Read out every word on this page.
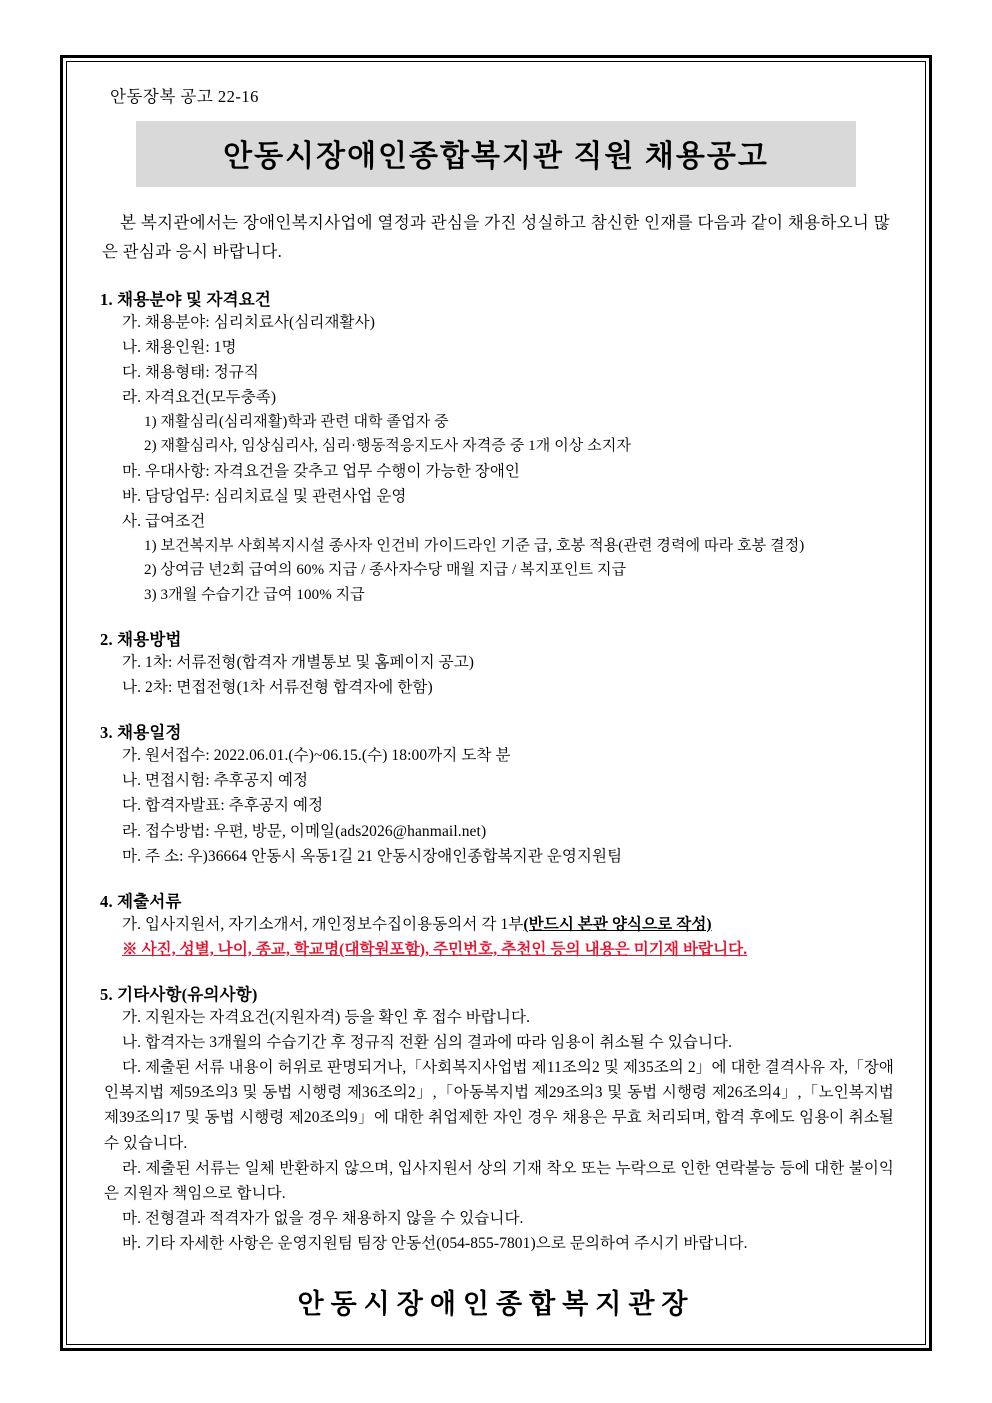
안동장복 공고 22-16
안동시장애인종합복지관 직원 채용공고

본 복지관에서는 장애인복지사업에 열정과 관심을 가진 성실하고 참신한 인재를 다음과 같이 채용하오니 많은 관심과 응시 바랍니다.

1. 채용분야 및 자격요건
가. 채용분야: 심리치료사(심리재활사)
나. 채용인원: 1명
다. 채용형태: 정규직
라. 자격요건(모두충족)
1) 재활심리(심리재활)학과 관련 대학 졸업자 중
2) 재활심리사, 임상심리사, 심리·행동적응지도사 자격증 중 1개 이상 소지자
마. 우대사항: 자격요건을 갖추고 업무 수행이 가능한 장애인
바. 담당업무: 심리치료실 및 관련사업 운영
사. 급여조건
1) 보건복지부 사회복지시설 종사자 인건비 가이드라인 기준 급, 호봉 적용(관련 경력에 따라 호봉 결정)
2) 상여금 년2회 급여의 60% 지급 / 종사자수당 매월 지급 / 복지포인트 지급
3) 3개월 수습기간 급여 100% 지급
2. 채용방법
가. 1차: 서류전형(합격자 개별통보 및 홈페이지 공고)
나. 2차: 면접전형(1차 서류전형 합격자에 한함)
3. 채용일정
가. 원서접수: 2022.06.01.(수)~06.15.(수) 18:00까지 도착 분
나. 면접시험: 추후공지 예정
다. 합격자발표: 추후공지 예정
라. 접수방법: 우편, 방문, 이메일(ads2026@hanmail.net)
마. 주 소: 우)36664 안동시 옥동1길 21 안동시장애인종합복지관 운영지원팀
4. 제출서류
가. 입사지원서, 자기소개서, 개인정보수집이용동의서 각 1부(반드시 본관 양식으로 작성)
※ 사진, 성별, 나이, 종교, 학교명(대학원포함), 주민번호, 추천인 등의 내용은 미기재 바랍니다.
5. 기타사항(유의사항)
가. 지원자는 자격요건(지원자격) 등을 확인 후 접수 바랍니다.
나. 합격자는 3개월의 수습기간 후 정규직 전환 심의 결과에 따라 임용이 취소될 수 있습니다.
다. 제출된 서류 내용이 허위로 판명되거나,「사회복지사업법 제11조의2 및 제35조의 2」에 대한 결격사유 자,「장애인복지법 제59조의3 및 동법 시행령 제36조의2」,「아동복지법 제29조의3 및 동법 시행령 제26조의4」,「노인복지법 제39조의17 및 동법 시행령 제20조의9」에 대한 취업제한 자인 경우 채용은 무효 처리되며, 합격 후에도 임용이 취소될 수 있습니다.
라. 제출된 서류는 일체 반환하지 않으며, 입사지원서 상의 기재 착오 또는 누락으로 인한 연락불능 등에 대한 불이익은 지원자 책임으로 합니다.
마. 전형결과 적격자가 없을 경우 채용하지 않을 수 있습니다.
바. 기타 자세한 사항은 운영지원팀 팀장 안동선(054-855-7801)으로 문의하여 주시기 바랍니다.
안동시장애인종합복지관장
